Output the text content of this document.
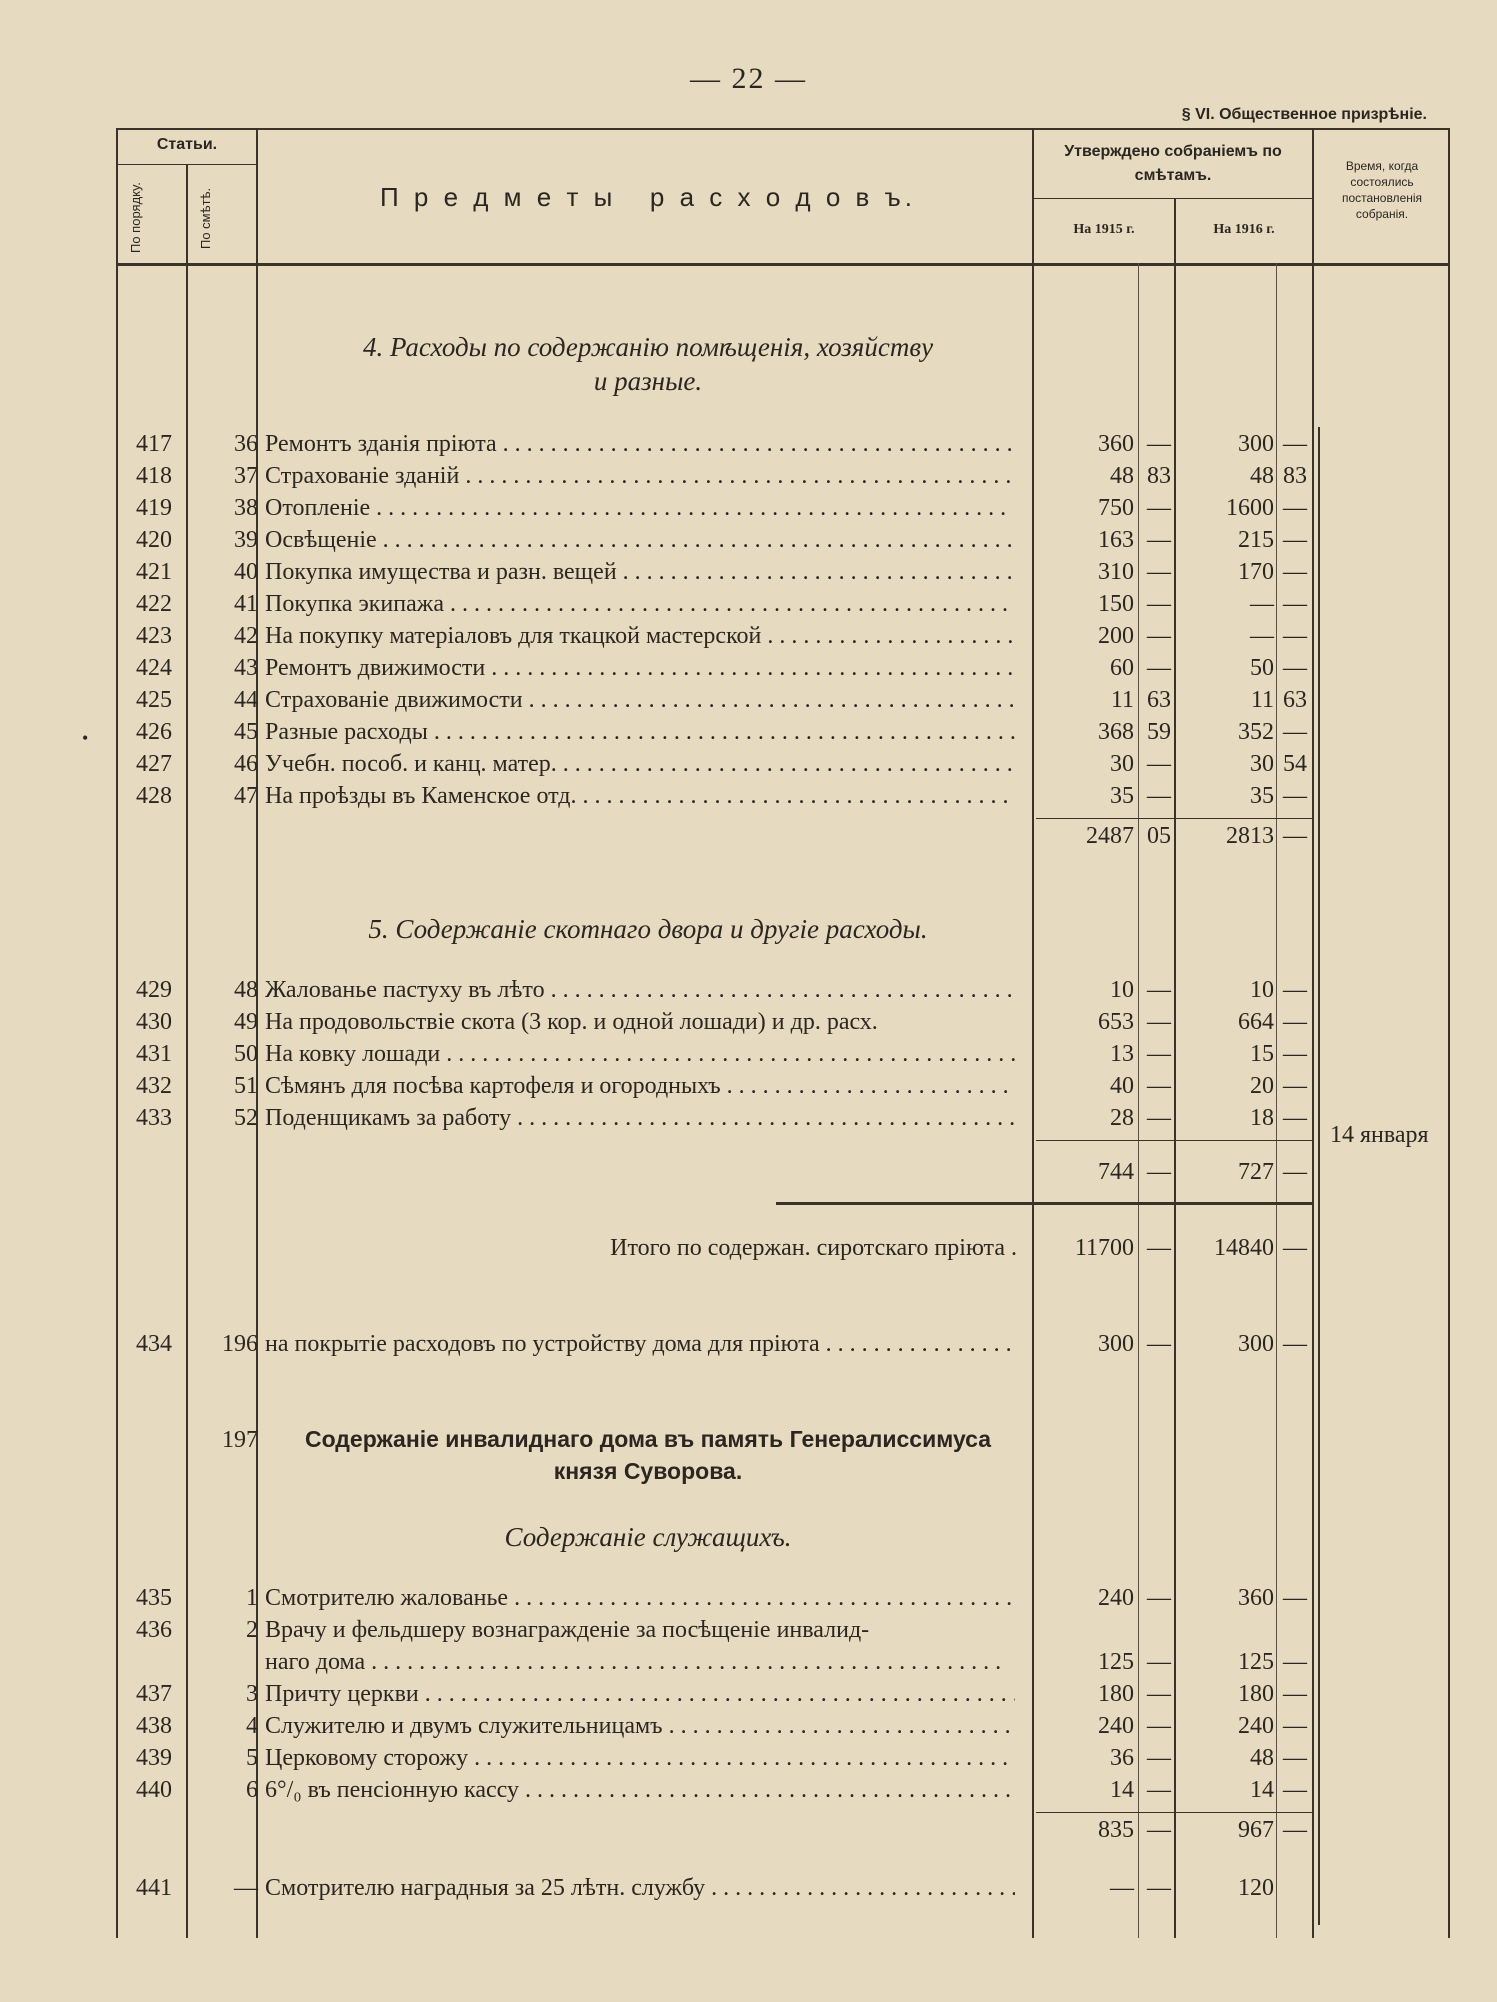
— 22 —
§ VI. Общественное призрѣніе.
Статьи.
По порядку.	По смѣтѣ.	П р е д м е т ы   р а с х о д о в ъ.
Утверждено собраніемъ по смѣтамъ.
На 1915 г.	На 1916 г.
Время, когда состоялись постановленія собранія.
4. Расходы по содержанію помѣщенія, хозяйству
и разные.
417	36 Ремонтъ зданія пріюта . . .	360 —	300 —
418	37 Страхованіе зданій . . .	48 83	48 83
419	38 Отопленіе . . .	750 —	1600 —
420	39 Освѣщеніе . . .	163 —	215 —
421	40 Покупка имущества и разн. вещей . . .	310 —	170 —
422	41 Покупка экипажа . . .	150 —	— —
423	42 На покупку матеріаловъ для ткацкой мастерской . . .	200 —	— —
424	43 Ремонтъ движимости . . .	60 —	50 —
425	44 Страхованіе движимости . . .	11 63	11 63
426	45 Разные расходы . . .	368 59	352 —
427	46 Учебн. пособ. и канц. матер. . . .	30 —	30 54
428	47 На проѣзды въ Каменское отд. . . .	35 —	35 —
2487 05	2813 —
5. Содержаніе скотнаго двора и другіе расходы.
429	48 Жалованье пастуху въ лѣто . . .	10 —	10 —
430	49 На продовольствіе скота (3 кор. и одной лошади) и др. расх.	653 —	664 —
431	50 На ковку лошади . . .	13 —	15 —
432	51 Сѣмянъ для посѣва картофеля и огородныхъ . . .	40 —	20 —
433	52 Поденщикамъ за работу . . .	28 —	18 —
744 —	727 —
Итого по содержан. сиротскаго пріюта .	11700 —	14840 —
434	196 на покрытіе расходовъ по устройству дома для пріюта . . .	300 —	300 —
197	Содержаніе инвалиднаго дома въ память Генералиссимуса
князя Суворова.
Содержаніе служащихъ.
435	1 Смотрителю жалованье . . .	240 —	360 —
436	2 Врачу и фельдшеру вознагражденіе за посѣщеніе инвалид-
наго дома . . .	125 —	125 —
437	3 Причту церкви . . .	180 —	180 —
438	4 Служителю и двумъ служительницамъ . . .	240 —	240 —
439	5 Церковому сторожу . . .	36 —	48 —
440	6 6°/₀ въ пенсіонную кассу . . .	14 —	14 —
835 —	967 —
441	— Смотрителю наградныя за 25 лѣтн. службу . . .	— —	120
14 января
•
